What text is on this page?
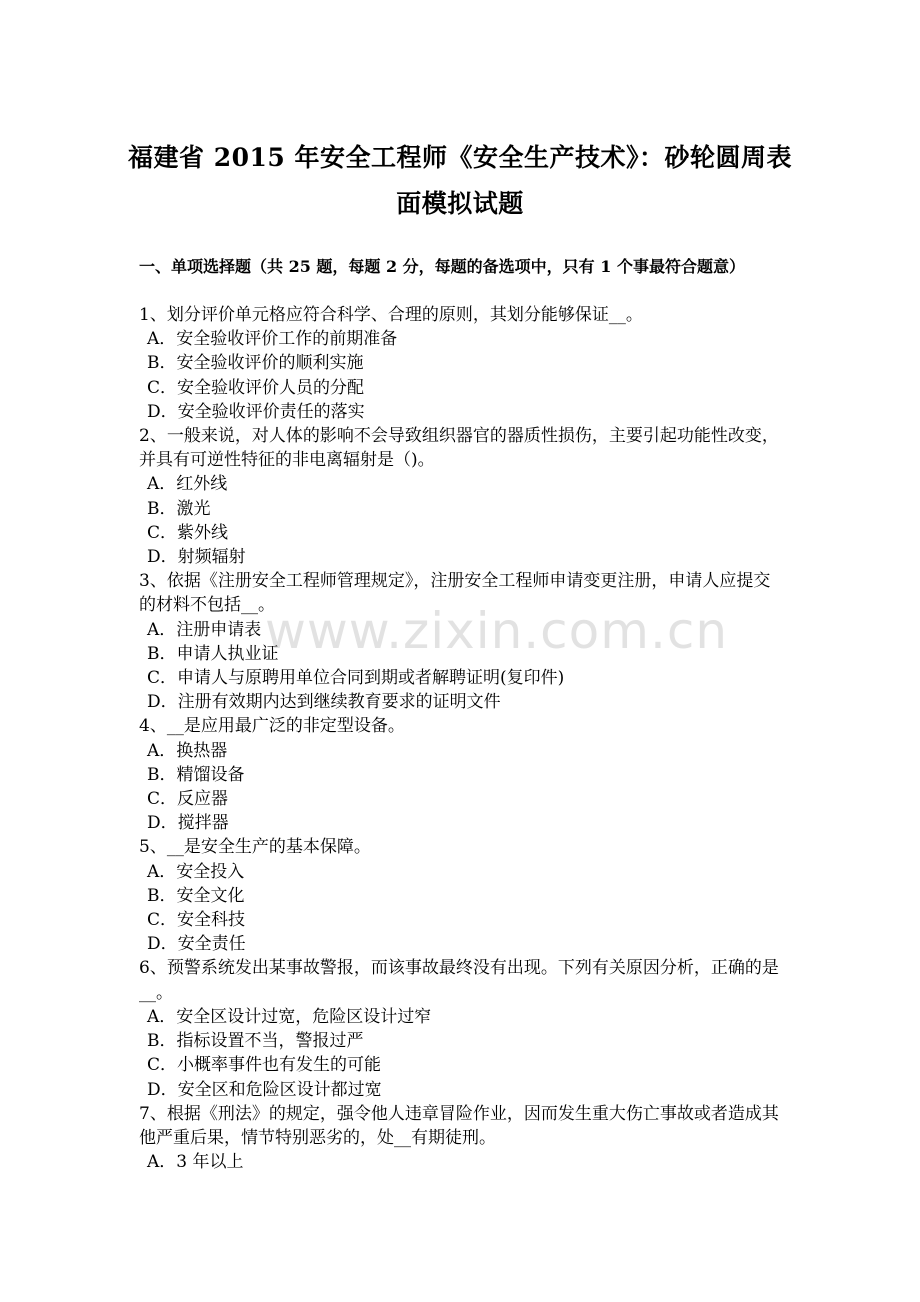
福建省 2015 年安全工程师《安全生产技术》：砂轮圆周表
面模拟试题
一、单项选择题（共 25 题，每题 2 分，每题的备选项中，只有 1 个事最符合题意）

1、划分评价单元格应符合科学、合理的原则，其划分能够保证__。

A．安全验收评价工作的前期准备

B．安全验收评价的顺利实施

C．安全验收评价人员的分配

D．安全验收评价责任的落实

2、一般来说，对人体的影响不会导致组织器官的器质性损伤，主要引起功能性改变，并具有可逆性特征的非电离辐射是（)。

A．红外线

B．激光

C．紫外线

D．射频辐射

3、依据《注册安全工程师管理规定》，注册安全工程师申请变更注册，申请人应提交的材料不包括__。

A．注册申请表

B．申请人执业证

C．申请人与原聘用单位合同到期或者解聘证明(复印件)

D．注册有效期内达到继续教育要求的证明文件

4、__是应用最广泛的非定型设备。

A．换热器

B．精馏设备

C．反应器

D．搅拌器

5、__是安全生产的基本保障。

A．安全投入

B．安全文化

C．安全科技

D．安全责任

6、预警系统发出某事故警报，而该事故最终没有出现。下列有关原因分析，正确的是__。

A．安全区设计过宽，危险区设计过窄

B．指标设置不当，警报过严

C．小概率事件也有发生的可能

D．安全区和危险区设计都过宽

7、根据《刑法》的规定，强令他人违章冒险作业，因而发生重大伤亡事故或者造成其他严重后果，情节特别恶劣的，处__有期徒刑。

A．3 年以上

www.zixin.com.cn
